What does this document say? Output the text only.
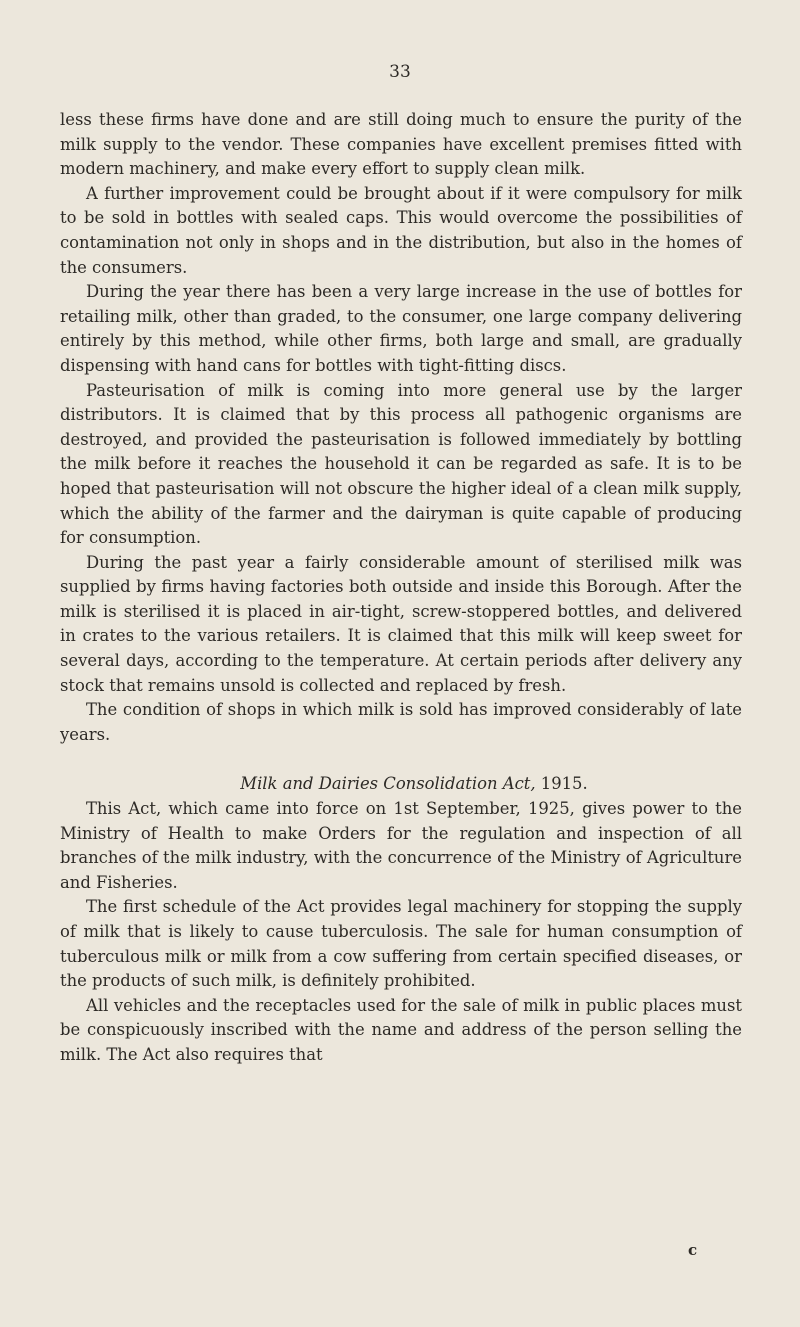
33

less these firms have done and are still doing much to ensure the purity of the milk supply to the vendor. These companies have excellent premises fitted with modern machinery, and make every effort to supply clean milk.

A further improvement could be brought about if it were compulsory for milk to be sold in bottles with sealed caps. This would overcome the possibilities of contamination not only in shops and in the distribution, but also in the homes of the consumers.

During the year there has been a very large increase in the use of bottles for retailing milk, other than graded, to the consumer, one large company delivering entirely by this method, while other firms, both large and small, are gradually dispensing with hand cans for bottles with tight-fitting discs.

Pasteurisation of milk is coming into more general use by the larger distributors. It is claimed that by this process all pathogenic organisms are destroyed, and provided the pasteurisation is followed immediately by bottling the milk before it reaches the household it can be regarded as safe. It is to be hoped that pasteurisation will not obscure the higher ideal of a clean milk supply, which the ability of the farmer and the dairyman is quite capable of producing for consumption.

During the past year a fairly considerable amount of sterilised milk was supplied by firms having factories both outside and inside this Borough. After the milk is sterilised it is placed in air-tight, screw-stoppered bottles, and delivered in crates to the various retailers. It is claimed that this milk will keep sweet for several days, according to the temperature. At certain periods after delivery any stock that remains unsold is collected and replaced by fresh.

The condition of shops in which milk is sold has improved considerably of late years.

Milk and Dairies Consolidation Act, 1915.

This Act, which came into force on 1st September, 1925, gives power to the Ministry of Health to make Orders for the regulation and inspection of all branches of the milk industry, with the concurrence of the Ministry of Agriculture and Fisheries.

The first schedule of the Act provides legal machinery for stopping the supply of milk that is likely to cause tuberculosis. The sale for human consumption of tuberculous milk or milk from a cow suffering from certain specified diseases, or the products of such milk, is definitely prohibited.

All vehicles and the receptacles used for the sale of milk in public places must be conspicuously inscribed with the name and address of the person selling the milk. The Act also requires that

c
